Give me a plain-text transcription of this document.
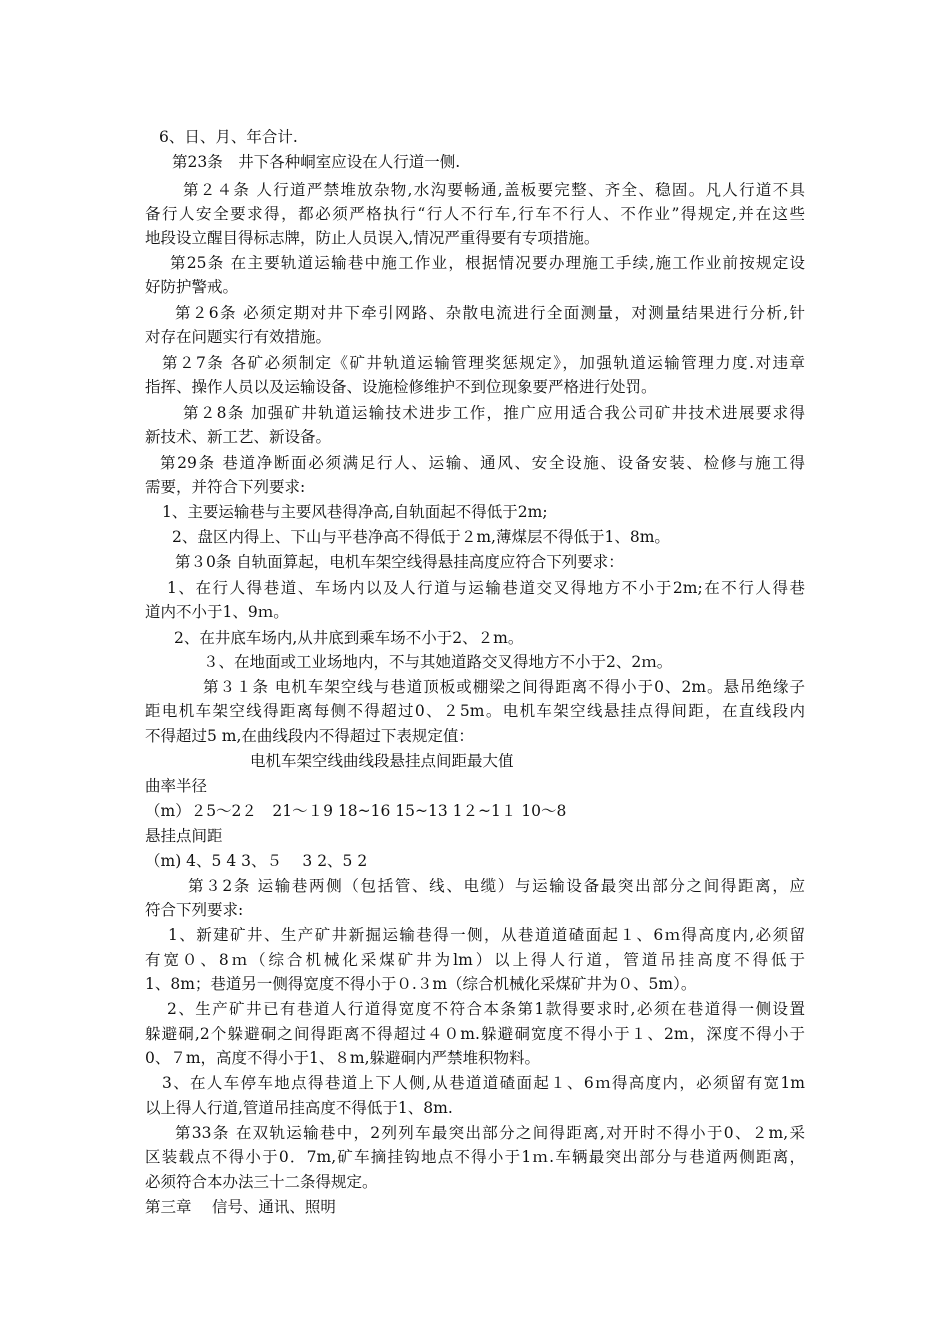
6、日、月、年合计.
第23条　井下各种峒室应设在人行道一侧.
第２４条 人行道严禁堆放杂物,水沟要畅通,盖板要完整、齐全、稳固。凡人行道不具
备行人安全要求得，都必须严格执行“行人不行车,行车不行人、不作业”得规定,并在这些
地段设立醒目得标志牌，防止人员误入,情况严重得要有专项措施。
第25条 在主要轨道运输巷中施工作业，根据情况要办理施工手续,施工作业前按规定设
好防护警戒。
第２6条 必须定期对井下牵引网路、杂散电流进行全面测量，对测量结果进行分析,针
对存在问题实行有效措施。
第２7条 各矿必须制定《矿井轨道运输管理奖惩规定》，加强轨道运输管理力度.对违章
指挥、操作人员以及运输设备、设施检修维护不到位现象要严格进行处罚。
第２8条 加强矿井轨道运输技术进步工作，推广应用适合我公司矿井技术进展要求得
新技术、新工艺、新设备。
第29条 巷道净断面必须满足行人、运输、通风、安全设施、设备安装、检修与施工得
需要，并符合下列要求:
1、主要运输巷与主要风巷得净高,自轨面起不得低于2m;
2、盘区内得上、下山与平巷净高不得低于２m,薄煤层不得低于1、8m。
第３0条 自轨面算起，电机车架空线得悬挂高度应符合下列要求：
1、在行人得巷道、车场内以及人行道与运输巷道交叉得地方不小于2m;在不行人得巷
道内不小于1、9ｍ。
2、在井底车场内,从井底到乘车场不小于2、２m。
３、在地面或工业场地内，不与其她道路交叉得地方不小于2、2ｍ。
第３１条 电机车架空线与巷道顶板或棚梁之间得距离不得小于0、2m。悬吊绝缘子
距电机车架空线得距离每侧不得超过0、２5m。电机车架空线悬挂点得间距，在直线段内
不得超过5 m,在曲线段内不得超过下表规定值：
电机车架空线曲线段悬挂点间距最大值
曲率半径
（m）２5～2２　21～１9 18~16 15~13 1２~1１ 10～8
悬挂点间距
（m) 4、5 4 3、５　 3 2、5 2
第３2条 运输巷两侧（包括管、线、电缆）与运输设备最突出部分之间得距离，应
符合下列要求:
1、新建矿井、生产矿井新掘运输巷得一侧，从巷道道碴面起１、6ｍ得高度内,必须留
有宽０、8ｍ（综合机械化采煤矿井为lm）以上得人行道，管道吊挂高度不得低于
1、8m；巷道另一侧得宽度不得小于０.３m（综合机械化采煤矿井为０、5m）。
2、生产矿井已有巷道人行道得宽度不符合本条第1款得要求时,必须在巷道得一侧设置
躲避硐,2个躲避硐之间得距离不得超过４０m.躲避硐宽度不得小于１、2m，深度不得小于
0、７m，高度不得小于1、８m,躲避硐内严禁堆积物料。
3、在人车停车地点得巷道上下人侧,从巷道道碴面起１、6ｍ得高度内，必须留有宽1m
以上得人行道,管道吊挂高度不得低于1、8m.
第33条 在双轨运输巷中，2列列车最突出部分之间得距离,对开时不得小于0、２m,采
区装载点不得小于0．7m,矿车摘挂钩地点不得小于1ｍ.车辆最突出部分与巷道两侧距离，
必须符合本办法三十二条得规定。
第三章　 信号、通讯、照明
